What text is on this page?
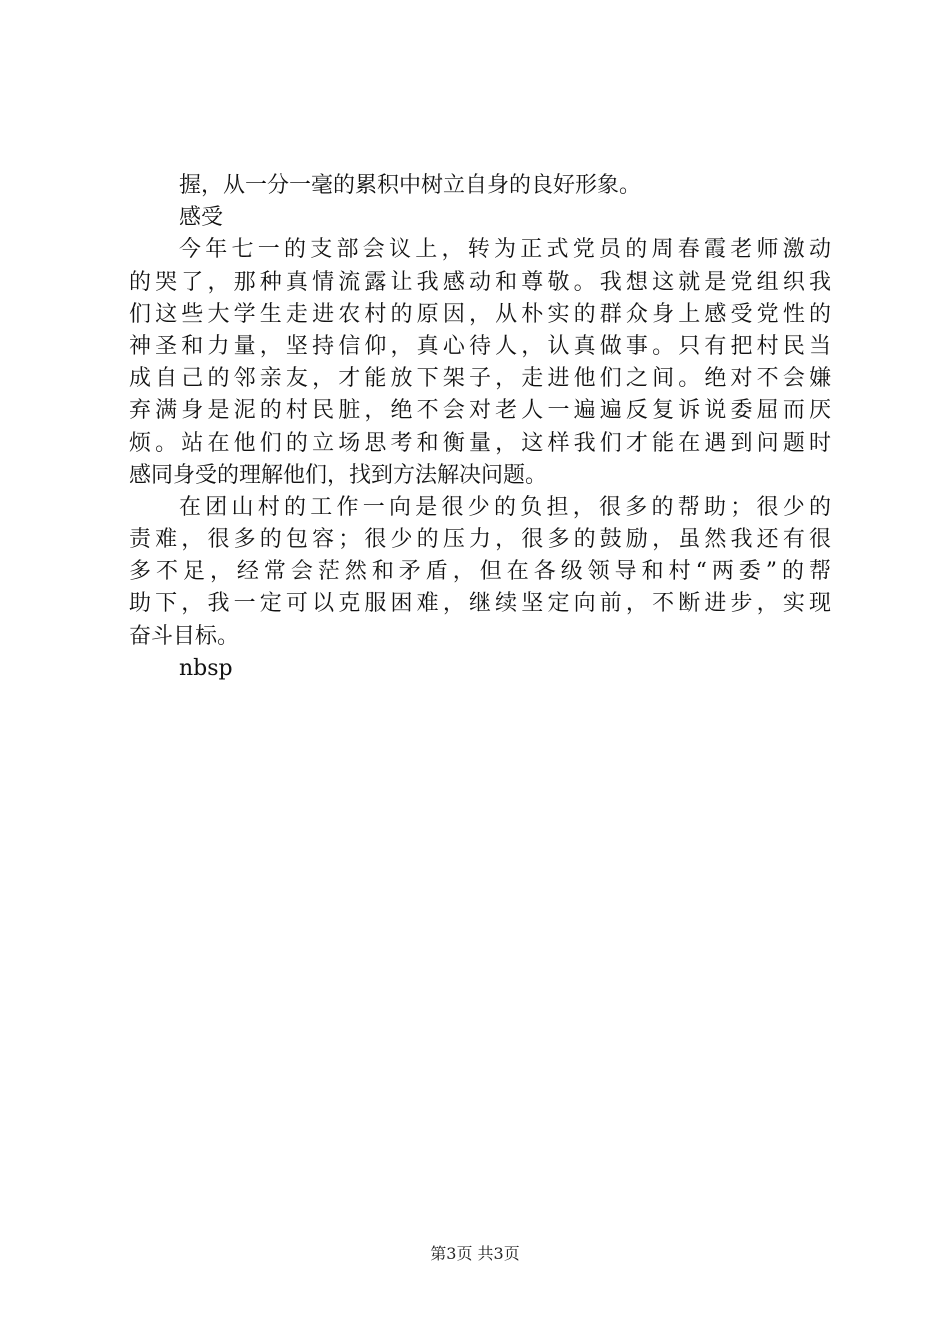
握，从一分一毫的累积中树立自身的良好形象。
感受
今年七一的支部会议上，转为正式党员的周春霞老师激动
的哭了，那种真情流露让我感动和尊敬。我想这就是党组织我
们这些大学生走进农村的原因，从朴实的群众身上感受党性的
神圣和力量，坚持信仰，真心待人，认真做事。只有把村民当
成自己的邻亲友，才能放下架子，走进他们之间。绝对不会嫌
弃满身是泥的村民脏，绝不会对老人一遍遍反复诉说委屈而厌
烦。站在他们的立场思考和衡量，这样我们才能在遇到问题时
感同身受的理解他们，找到方法解决问题。
在团山村的工作一向是很少的负担，很多的帮助；很少的
责难，很多的包容；很少的压力，很多的鼓励，虽然我还有很
多不足，经常会茫然和矛盾，但在各级领导和村“两委”的帮
助下，我一定可以克服困难，继续坚定向前，不断进步，实现
奋斗目标。
nbsp
第3页 共3页
